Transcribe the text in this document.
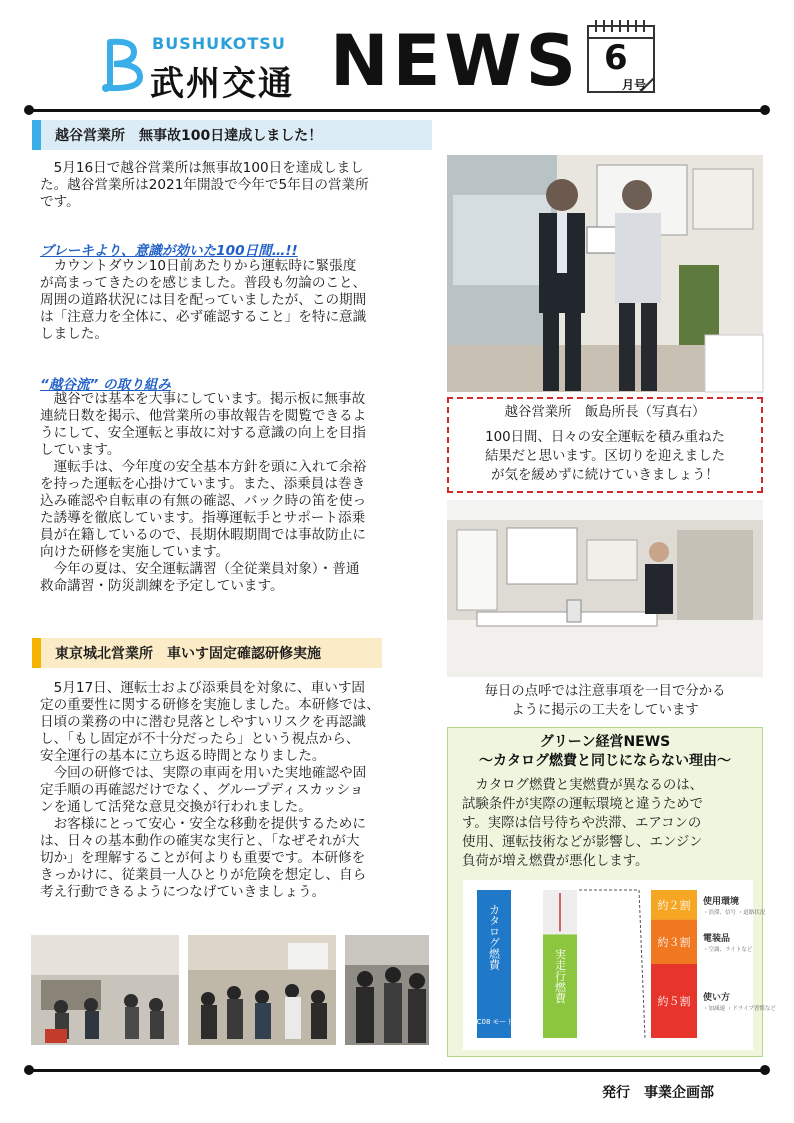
BUSHUKOTSU
武州交通 NEWS 6
月号
越谷営業所　無事故100日達成しました！
　5月16日で越谷営業所は無事故100日を達成しまし
た。越谷営業所は2021年開設で今年で5年目の営業所
です。
ブレーキより、意識が効いた100日間…!!
　カウントダウン10日前あたりから運転時に緊張度
が高まってきたのを感じました。普段も勿論のこと、
周囲の道路状況には目を配っていましたが、この期間
は「注意力を全体に、必ず確認すること」を特に意識
しました。
“越谷流” の取り組み
　越谷では基本を大事にしています。掲示板に無事故
連続日数を掲示、他営業所の事故報告を閲覧できるよ
うにして、安全運転と事故に対する意識の向上を目指
しています。
　運転手は、今年度の安全基本方針を頭に入れて余裕
を持った運転を心掛けています。また、添乗員は巻き
込み確認や自転車の有無の確認、バック時の笛を使っ
た誘導を徹底しています。指導運転手とサポート添乗
員が在籍しているので、長期休暇期間では事故防止に
向けた研修を実施しています。
　今年の夏は、安全運転講習（全従業員対象）・普通
救命講習・防災訓練を予定しています。
東京城北営業所　車いす固定確認研修実施
　5月17日、運転士および添乗員を対象に、車いす固
定の重要性に関する研修を実施しました。本研修では、
日頃の業務の中に潜む見落としやすいリスクを再認識
し、「もし固定が不十分だったら」という視点から、
安全運行の基本に立ち返る時間となりました。
　今回の研修では、実際の車両を用いた実地確認や固
定手順の再確認だけでなく、グループディスカッショ
ンを通して活発な意見交換が行われました。
　お客様にとって安心・安全な移動を提供するために
は、日々の基本動作の確実な実行と、「なぜそれが大
切か」を理解することが何よりも重要です。本研修を
きっかけに、従業員一人ひとりが危険を想定し、自ら
考え行動できるようにつなげていきましょう。
越谷営業所　飯島所長（写真右）
100日間、日々の安全運転を積み重ねた
結果だと思います。区切りを迎えました
が気を緩めずに続けていきましょう！
毎日の点呼では注意事項を一目で分かる
ように掲示の工夫をしています
グリーン経営NEWS
～カタログ燃費と同じにならない理由～
　カタログ燃費と実燃費が異なるのは、
試験条件が実際の運転環境と違うためで
す。実際は信号待ちや渋滞、エアコンの
使用、運転技術などが影響し、エンジン
負荷が増え燃費が悪化します。
カタログ燃費
JC08 モード
実走行燃費
約２割 使用環境
・渋滞、信号 ・道路状況
約３割 電装品
・空調、ライトなど
約５割 使い方
・加減速 ・ドライブ習慣など
発行　事業企画部
